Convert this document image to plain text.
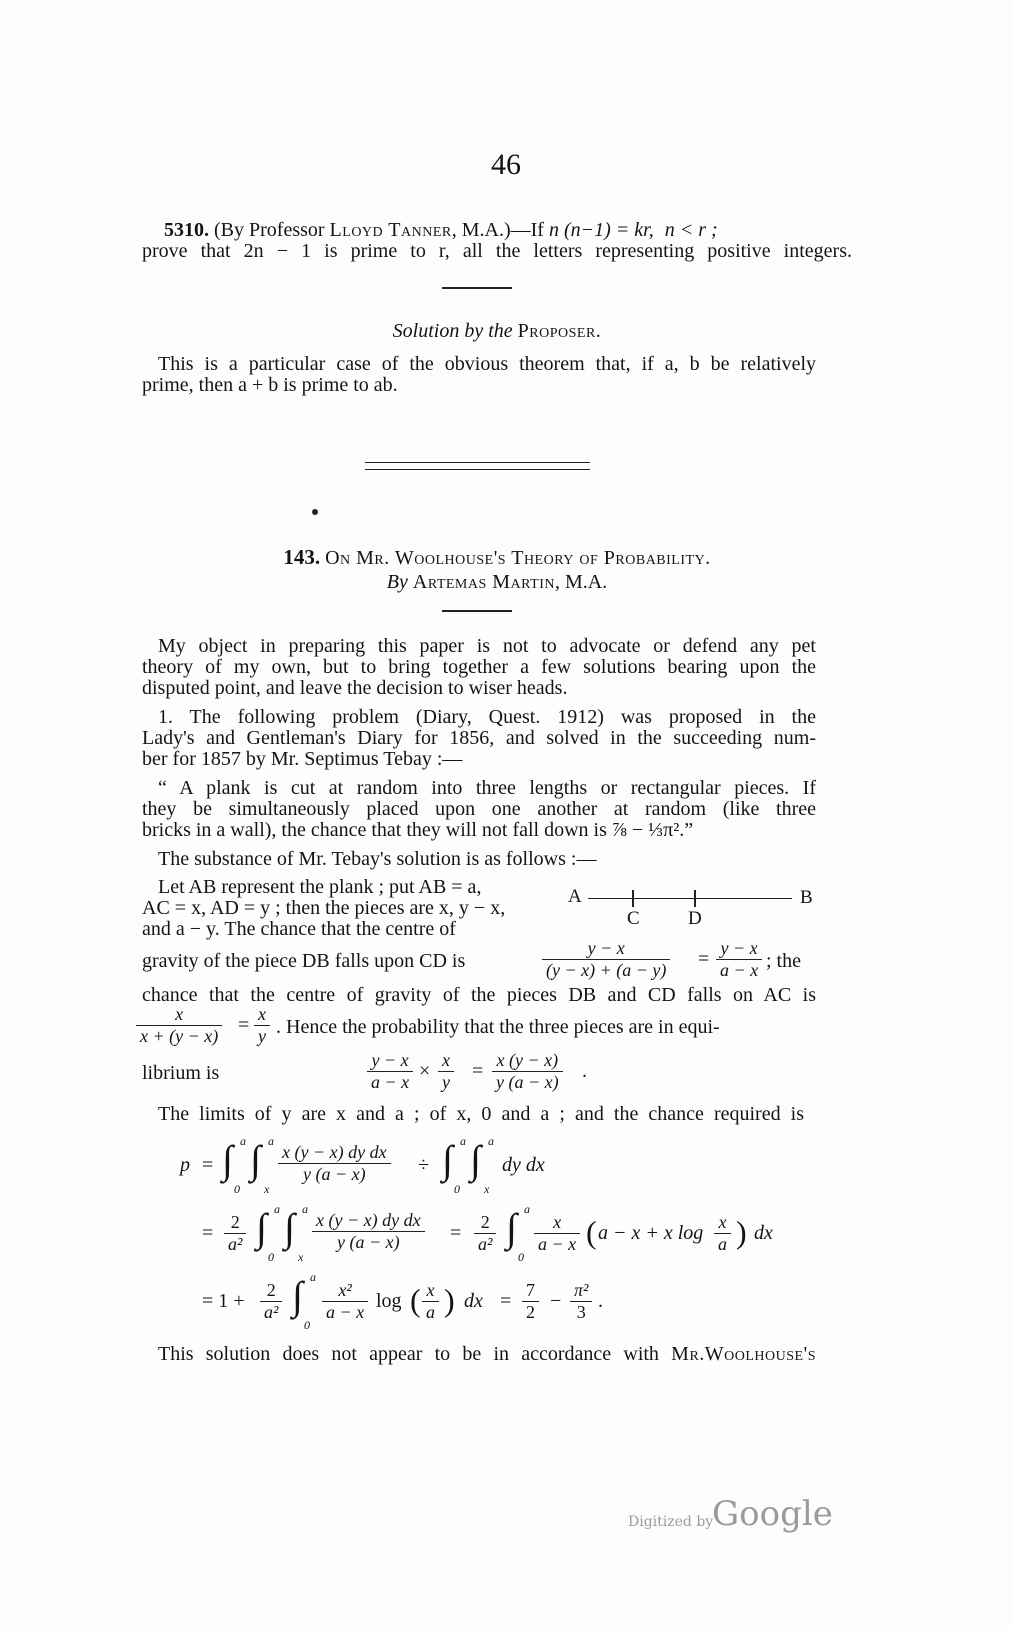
46
5310. (By Professor Lloyd Tanner, M.A.)—If n (n−1) = kr, n < r ;
prove that 2n − 1 is prime to r, all the letters representing positive integers.
Solution by the Proposer.
This is a particular case of the obvious theorem that, if a, b be relatively
prime, then a + b is prime to ab.
143. On Mr. Woolhouse's Theory of Probability.
By Artemas Martin, M.A.
My object in preparing this paper is not to advocate or defend any pet
theory of my own, but to bring together a few solutions bearing upon the
disputed point, and leave the decision to wiser heads.
1. The following problem (Diary, Quest. 1912) was proposed in the
Lady's and Gentleman's Diary for 1856, and solved in the succeeding num-
ber for 1857 by Mr. Septimus Tebay :—
“ A plank is cut at random into three lengths or rectangular pieces. If
they be simultaneously placed upon one another at random (like three
bricks in a wall), the chance that they will not fall down is ⅞ − ⅓π².”
The substance of Mr. Tebay's solution is as follows :—
Let AB represent the plank ; put AB = a,
AC = x, AD = y ; then the pieces are x, y − x,
and a − y. The chance that the centre of
A
C	D
B
gravity of the piece DB falls upon CD is	$\frac{y - x}{(y - x) + (a - y)} = \frac{y - x}{a - x}$ ; the
chance that the centre of gravity of the pieces DB and CD falls on AC is
$\frac{x}{x + (y - x)} = \frac{x}{y}$ . Hence the probability that the three pieces are in equi-
librium is	$\frac{y - x}{a - x} \times \frac{x}{y} = \frac{x (y - x)}{y (a - x)}$ .
The limits of y are x and a ; of x, 0 and a ; and the chance required is
p = ∫ a
0
∫ a
x
$\frac{\text{x (y − x) dy dx}}{y (a - x)}$ ÷ ∫ a
0
∫ a
x
dy dx
= $\frac{2}{\text{a²}}$ ∫ a
0
∫ a
x
$\frac{\text{x (y − x) dy dx}}{y (a - x)} = \frac{2}{\text{a²}}$ ∫ a
0
$\frac{x}{a - x}$ ( a − x + x $\log \frac{x}{a}$ ) dx
= $1 + \frac{2}{\text{a²}}$ ∫ a
0
$\frac{\text{x²}}{a - x}$ log ( $\frac{x}{a}$ ) dx = $\frac{7}{2} - \frac{\text{π²}}{3}$ .
This solution does not appear to be in accordance with Mr.Woolhouse's
Digitized by
Google
